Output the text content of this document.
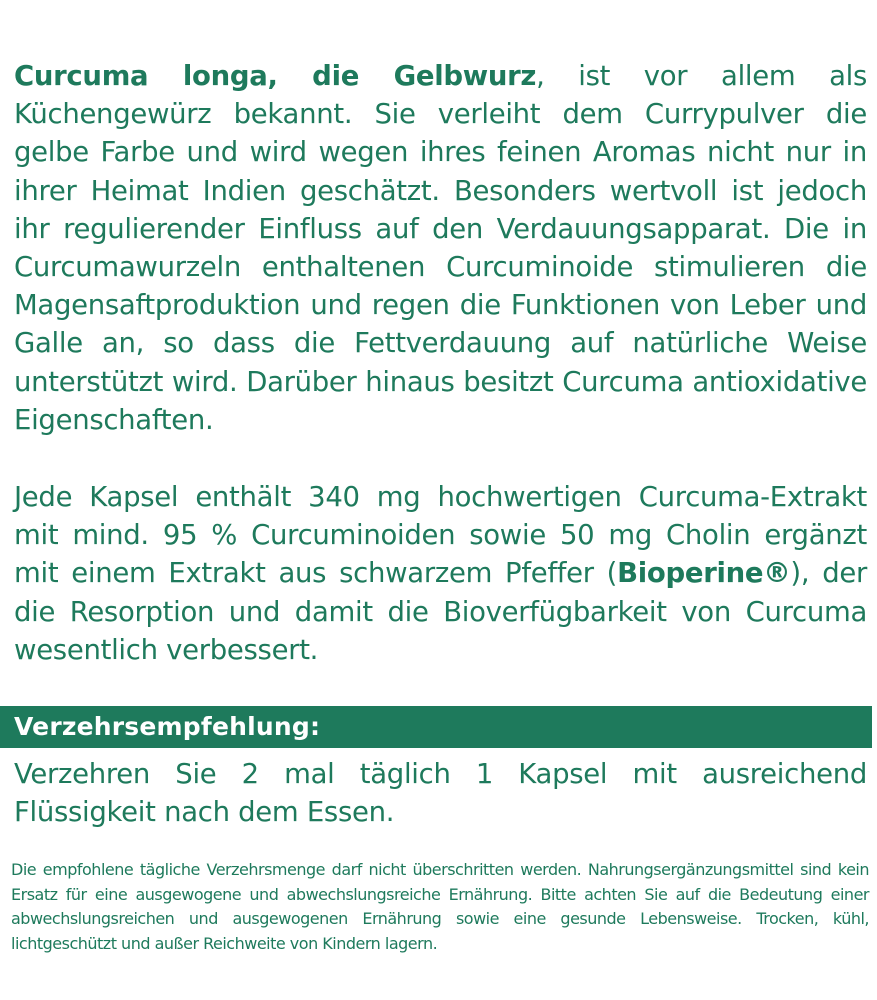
Curcuma longa, die Gelbwurz, ist vor allem als Küchengewürz bekannt. Sie verleiht dem Currypulver die gelbe Farbe und wird wegen ihres feinen Aromas nicht nur in ihrer Heimat Indien geschätzt. Besonders wertvoll ist jedoch ihr regulierender Einfluss auf den Verdauungsapparat. Die in Curcumawurzeln enthaltenen Curcuminoide stimulieren die Magensaftproduktion und regen die Funktionen von Leber und Galle an, so dass die Fettverdauung auf natürliche Weise unterstützt wird. Darüber hinaus besitzt Curcuma antioxidative Eigenschaften.

Jede Kapsel enthält 340 mg hochwertigen Curcuma-Extrakt mit mind. 95 % Curcuminoiden sowie 50 mg Cholin ergänzt mit einem Extrakt aus schwarzem Pfeffer (Bioperine®), der die Resorption und damit die Bioverfügbarkeit von Curcuma wesentlich verbessert.

Verzehrsempfehlung:

Verzehren Sie 2 mal täglich 1 Kapsel mit ausreichend Flüssigkeit nach dem Essen.

Die empfohlene tägliche Verzehrsmenge darf nicht überschritten werden. Nahrungsergänzungsmittel sind kein Ersatz für eine ausgewogene und abwechslungsreiche Ernährung. Bitte achten Sie auf die Bedeutung einer abwechslungsreichen und ausgewogenen Ernährung sowie eine gesunde Lebensweise. Trocken, kühl, lichtgeschützt und außer Reichweite von Kindern lagern.
